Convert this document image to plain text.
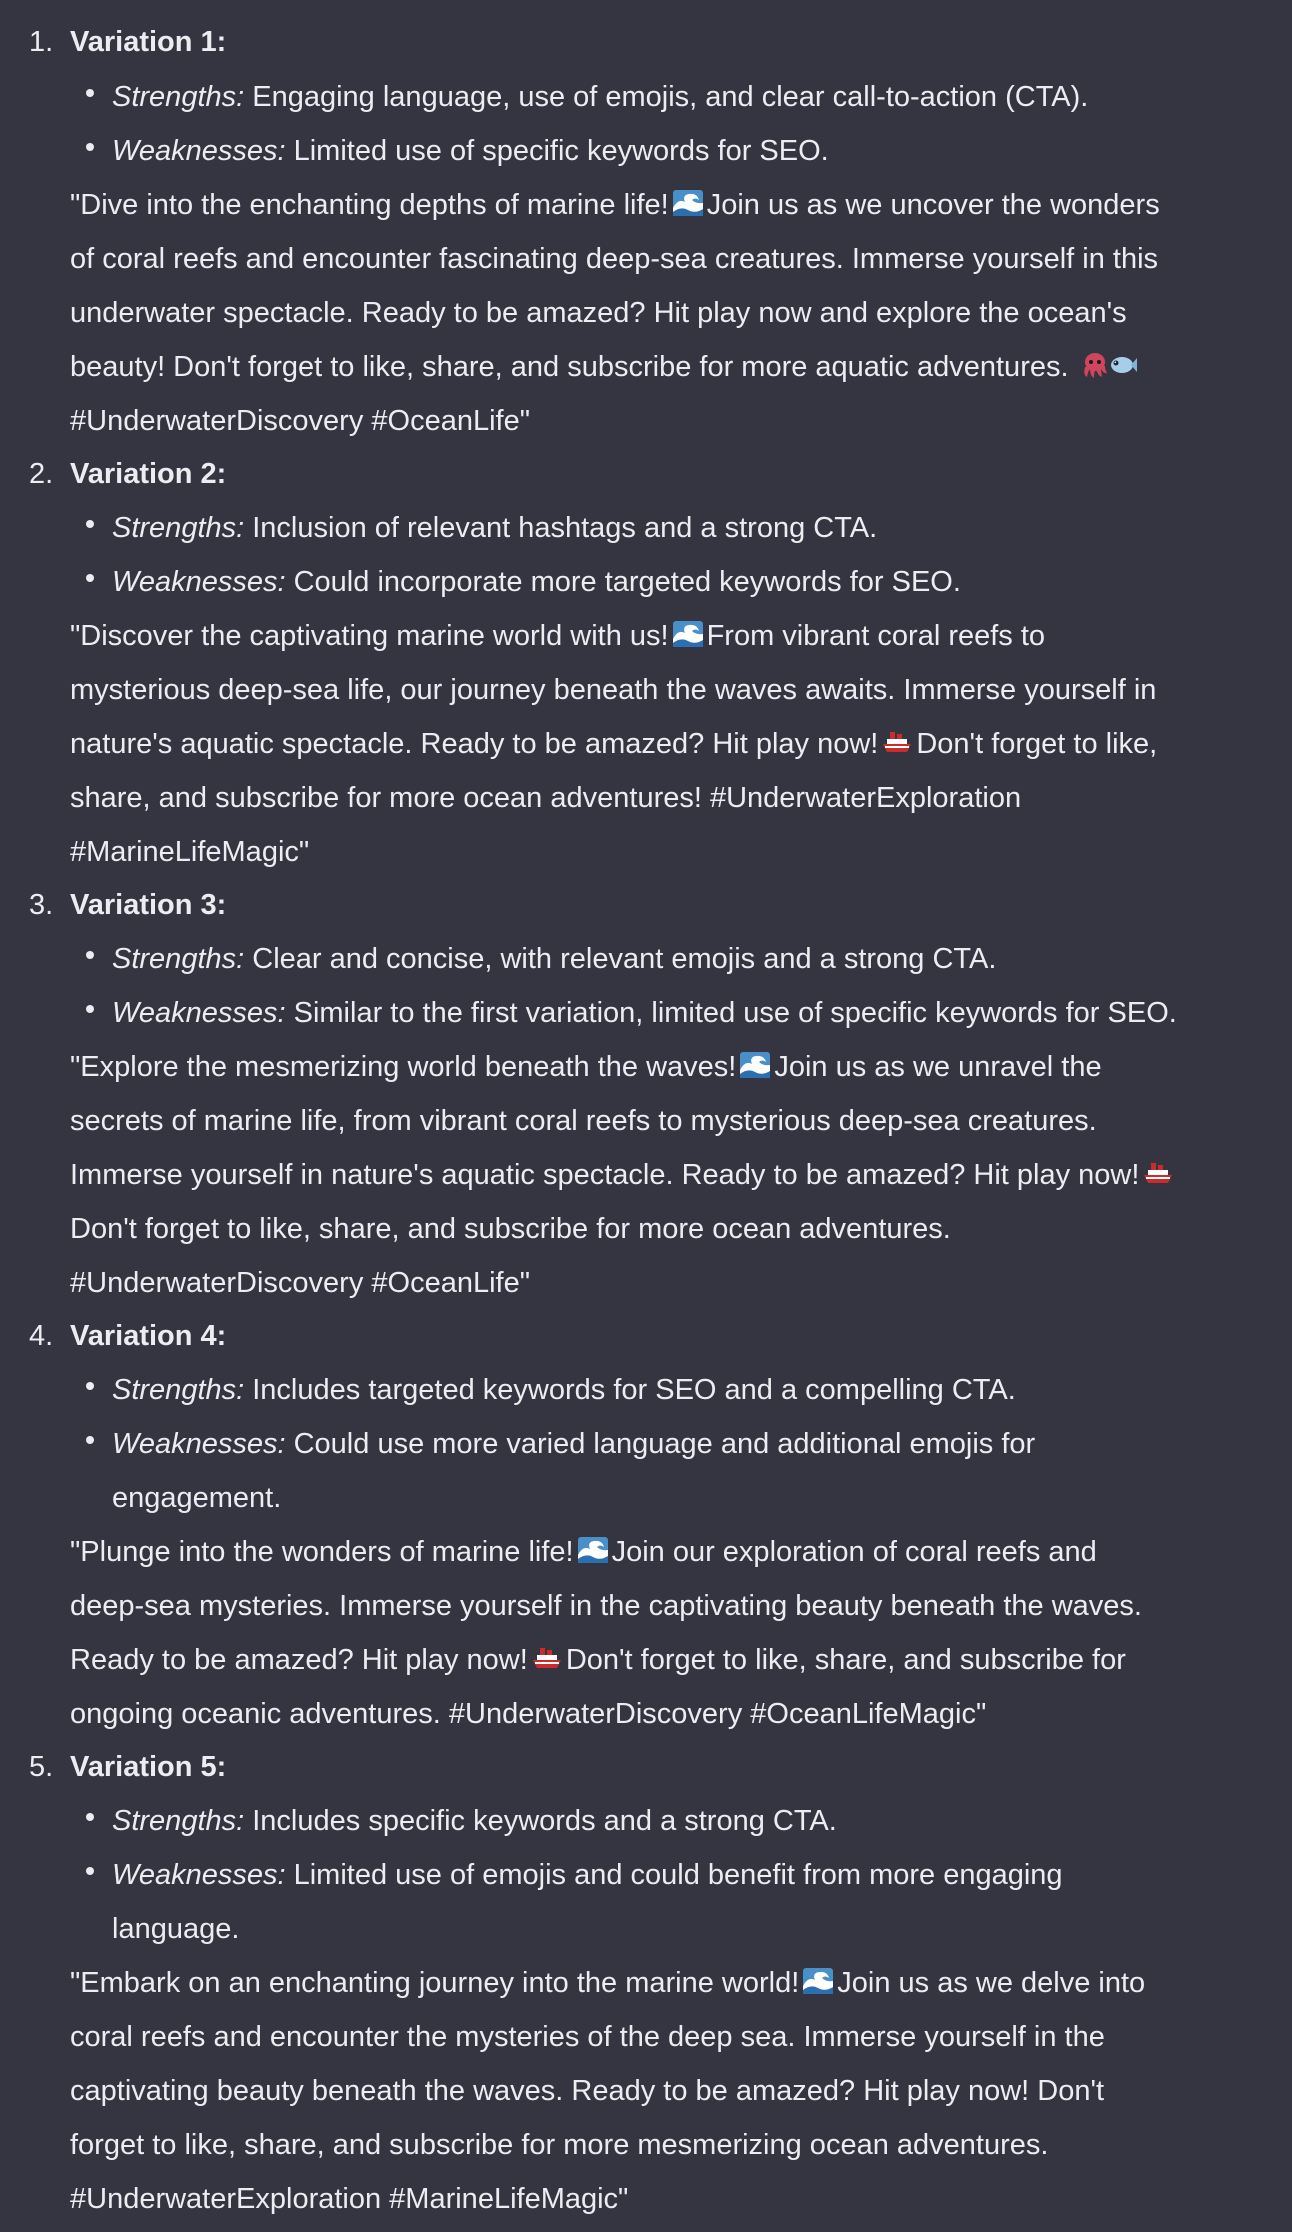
1. Variation 1:
Strengths: Engaging language, use of emojis, and clear call-to-action (CTA).
Weaknesses: Limited use of specific keywords for SEO.
"Dive into the enchanting depths of marine life! Join us as we uncover the wonders
of coral reefs and encounter fascinating deep-sea creatures. Immerse yourself in this
underwater spectacle. Ready to be amazed? Hit play now and explore the ocean's
beauty! Don't forget to like, share, and subscribe for more aquatic adventures.
#UnderwaterDiscovery #OceanLife"
2. Variation 2:
Strengths: Inclusion of relevant hashtags and a strong CTA.
Weaknesses: Could incorporate more targeted keywords for SEO.
"Discover the captivating marine world with us! From vibrant coral reefs to
mysterious deep-sea life, our journey beneath the waves awaits. Immerse yourself in
nature's aquatic spectacle. Ready to be amazed? Hit play now! Don't forget to like,
share, and subscribe for more ocean adventures! #UnderwaterExploration
#MarineLifeMagic"
3. Variation 3:
Strengths: Clear and concise, with relevant emojis and a strong CTA.
Weaknesses: Similar to the first variation, limited use of specific keywords for SEO.
"Explore the mesmerizing world beneath the waves! Join us as we unravel the
secrets of marine life, from vibrant coral reefs to mysterious deep-sea creatures.
Immerse yourself in nature's aquatic spectacle. Ready to be amazed? Hit play now!
Don't forget to like, share, and subscribe for more ocean adventures.
#UnderwaterDiscovery #OceanLife"
4. Variation 4:
Strengths: Includes targeted keywords for SEO and a compelling CTA.
Weaknesses: Could use more varied language and additional emojis for
engagement.
"Plunge into the wonders of marine life! Join our exploration of coral reefs and
deep-sea mysteries. Immerse yourself in the captivating beauty beneath the waves.
Ready to be amazed? Hit play now! Don't forget to like, share, and subscribe for
ongoing oceanic adventures. #UnderwaterDiscovery #OceanLifeMagic"
5. Variation 5:
Strengths: Includes specific keywords and a strong CTA.
Weaknesses: Limited use of emojis and could benefit from more engaging
language.
"Embark on an enchanting journey into the marine world! Join us as we delve into
coral reefs and encounter the mysteries of the deep sea. Immerse yourself in the
captivating beauty beneath the waves. Ready to be amazed? Hit play now! Don't
forget to like, share, and subscribe for more mesmerizing ocean adventures.
#UnderwaterExploration #MarineLifeMagic"
